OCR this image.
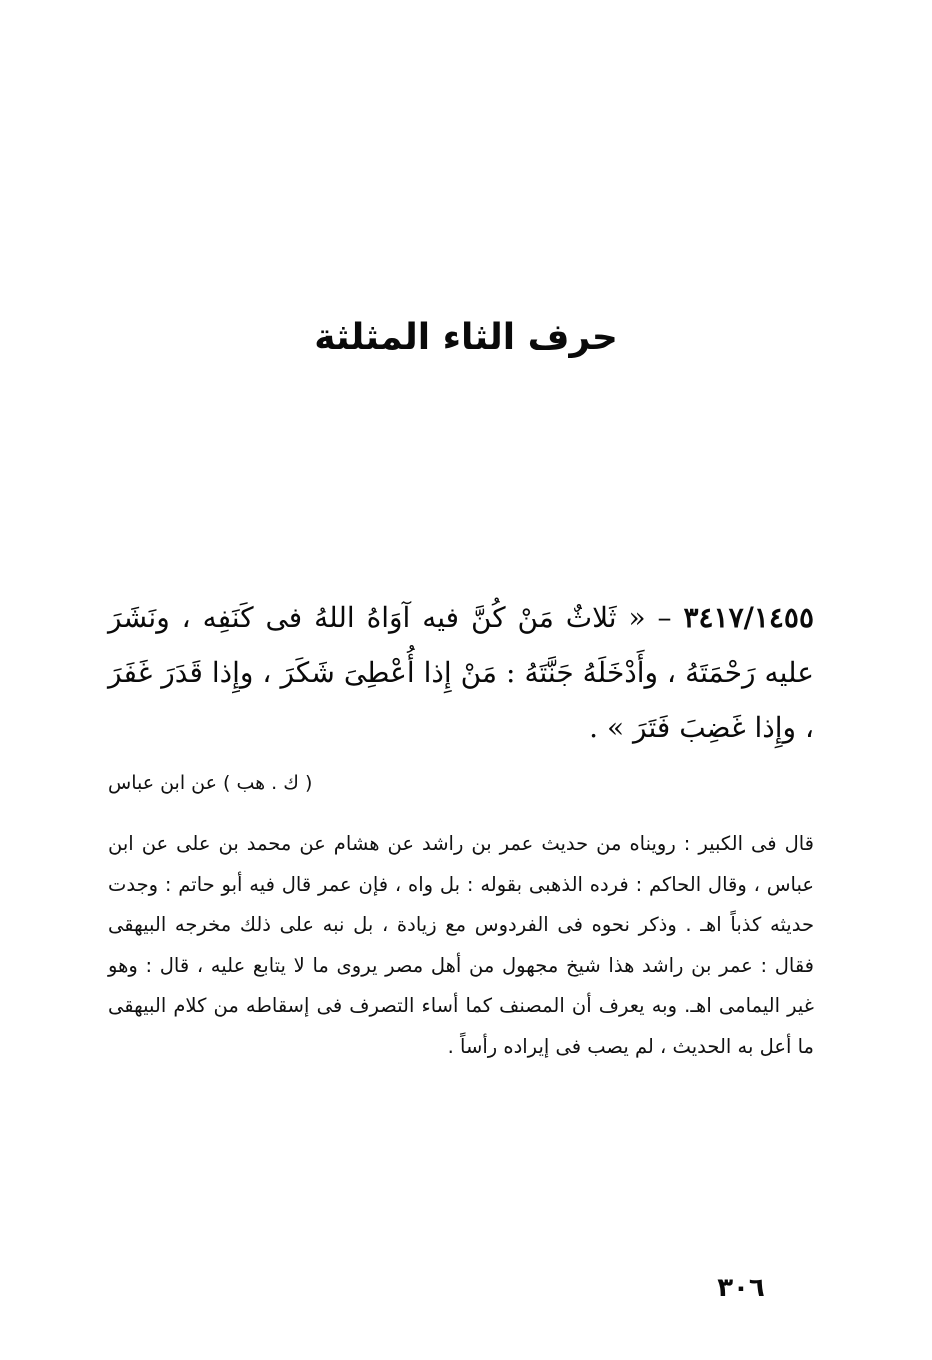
حرف الثاء المثلثة

٣٤١٧/١٤٥٥ – « ثَلاثٌ مَنْ كُنَّ فيه آوَاهُ اللهُ فى كَنَفِه ، ونَشَرَ عليه رَحْمَتَهُ ، وأَدْخَلَهُ جَنَّتَهُ : مَنْ إِذا أُعْطِىَ شَكَرَ ، وإِذا قَدَرَ غَفَرَ ، وإِذا غَضِبَ فَتَرَ » .

( ك . هب ) عن ابن عباس

قال فى الكبير : رويناه من حديث عمر بن راشد عن هشام عن محمد بن على عن ابن عباس ، وقال الحاكم : فرده الذهبى بقوله : بل واه ، فإن عمر قال فيه أبو حاتم : وجدت حديثه كذباً اهـ . وذكر نحوه فى الفردوس مع زيادة ، بل نبه على ذلك مخرجه البيهقى فقال : عمر بن راشد هذا شيخ مجهول من أهل مصر يروى ما لا يتابع عليه ، قال : وهو غير اليمامى اهـ. وبه يعرف أن المصنف كما أساء التصرف فى إسقاطه من كلام البيهقى ما أعل به الحديث ، لم يصب فى إيراده رأساً .

٣٠٦
